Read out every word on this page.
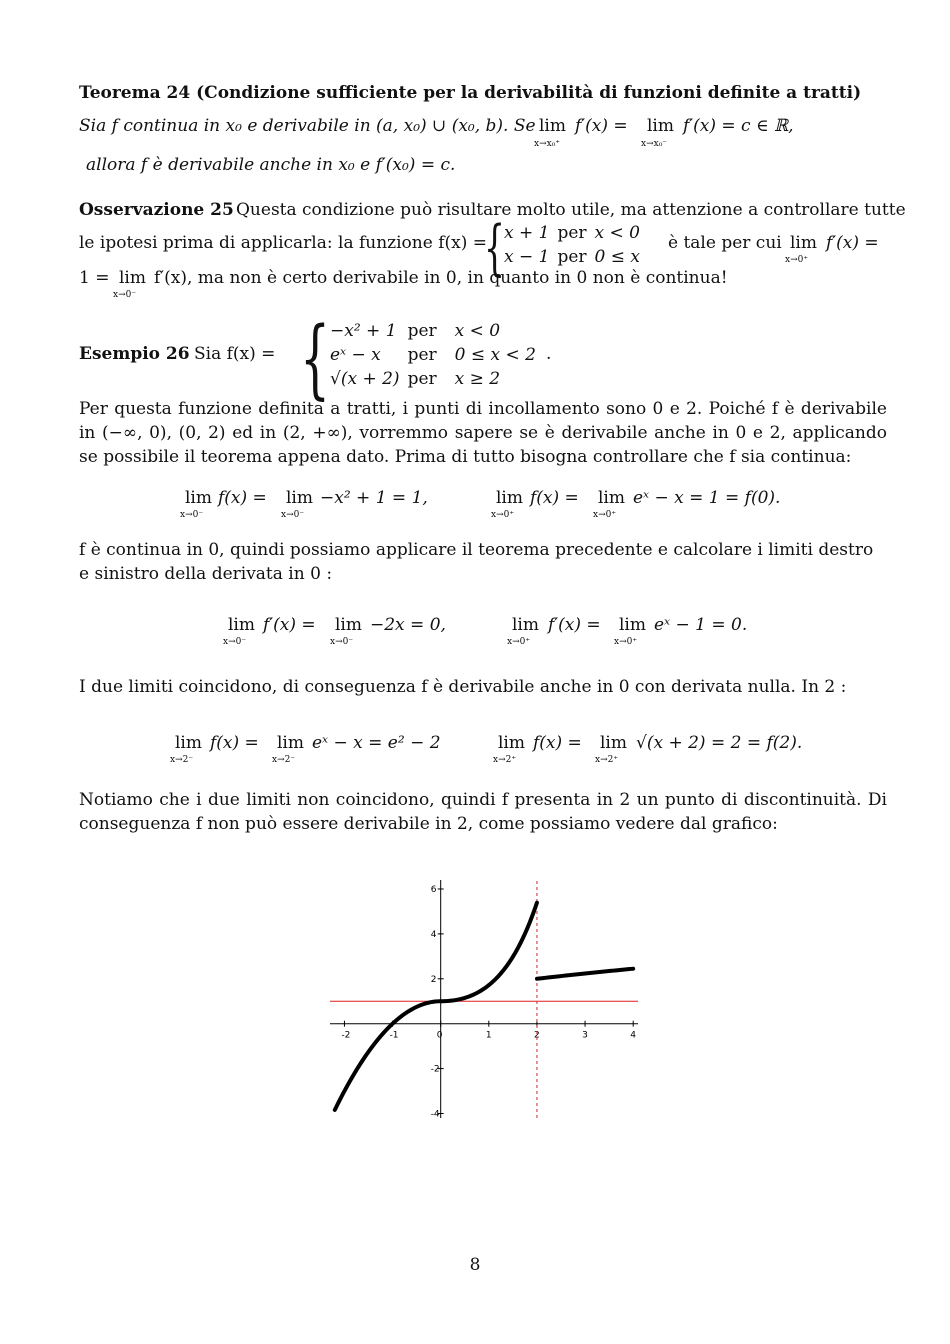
Teorema 24 (Condizione sufficiente per la derivabilità di funzioni definite a tratti)
Sia f continua in x₀ e derivabile in (a, x₀) ∪ (x₀, b). Se lim
x→x₀⁺
f′(x) = lim
x→x₀⁻
f′(x) = c ∈ ℝ,
allora f è derivabile anche in x₀ e f′(x₀) = c.
Osservazione 25 Questa condizione può risultare molto utile, ma attenzione a controllare tutte
le ipotesi prima di applicarla: la funzione f(x) =
{
x + 1	per	x < 0
x − 1	per	0 ≤ x
è tale per cui lim
x→0⁺
f′(x) =
1 = lim
x→0⁻
f′(x), ma non è certo derivabile in 0, in quanto in 0 non è continua!
Esempio 26 Sia f(x) = { −x² + 1	per	x < 0
eˣ − x	per	0 ≤ x < 2
√(x + 2)	per	x ≥ 2
.
Per questa funzione definita a tratti, i punti di incollamento sono 0 e 2. Poiché f è derivabile in (−∞, 0), (0, 2) ed in (2, +∞), vorremmo sapere se è derivabile anche in 0 e 2, applicando se possibile il teorema appena dato. Prima di tutto bisogna controllare che f sia continua:
lim
x→0⁻
f(x) = lim
x→0⁻
−x² + 1 = 1,	lim
x→0⁺
f(x) = lim
x→0⁺
eˣ − x = 1 = f(0).
f è continua in 0, quindi possiamo applicare il teorema precedente e calcolare i limiti destro e sinistro della derivata in 0 :
lim
x→0⁻
f′(x) = lim
x→0⁻
−2x = 0,	lim
x→0⁺
f′(x) = lim
x→0⁺
eˣ − 1 = 0.
I due limiti coincidono, di conseguenza f è derivabile anche in 0 con derivata nulla. In 2 :
lim
x→2⁻
f(x) = lim
x→2⁻
eˣ − x = e² − 2	lim
x→2⁺
f(x) = lim
x→2⁺
√(x + 2) = 2 = f(2).
Notiamo che i due limiti non coincidono, quindi f presenta in 2 un punto di discontinuità. Di conseguenza f non può essere derivabile in 2, come possiamo vedere dal grafico:
-2	-1	0	1	2	3	4
6
4
2
-2
-4
8
